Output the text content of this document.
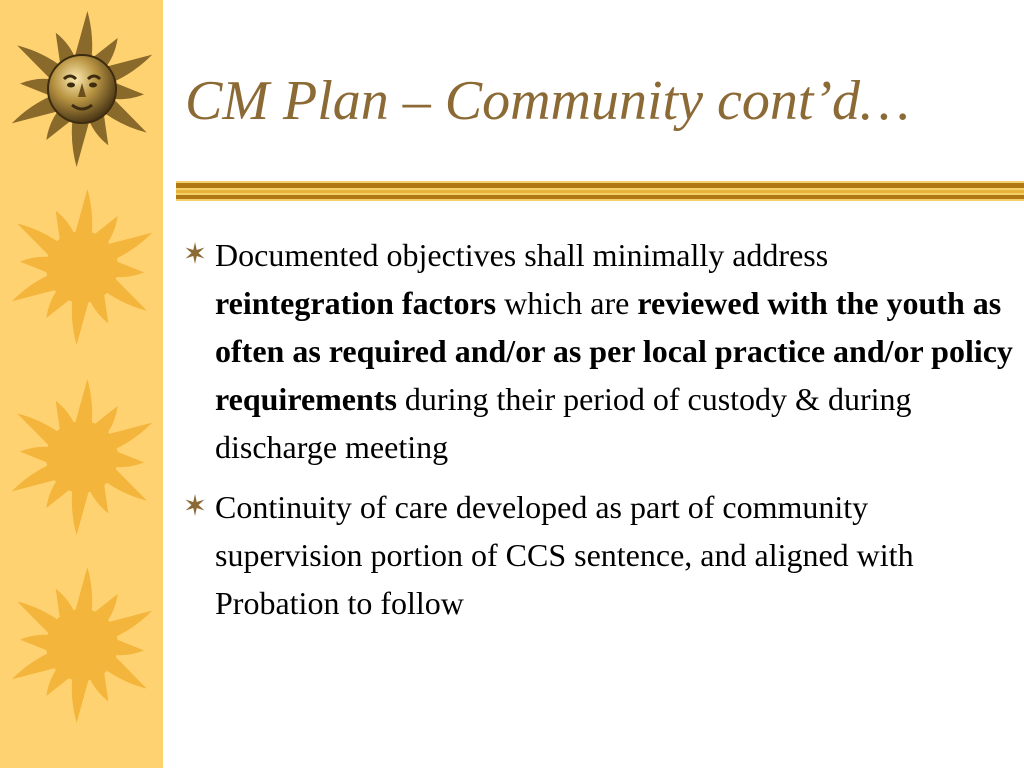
CM Plan – Community cont’d…
Documented objectives shall minimally address reintegration factors which are reviewed with the youth as often as required and/or as per local practice and/or policy requirements during their period of custody & during discharge meeting
Continuity of care developed as part of community supervision portion of CCS sentence, and aligned with Probation to follow
